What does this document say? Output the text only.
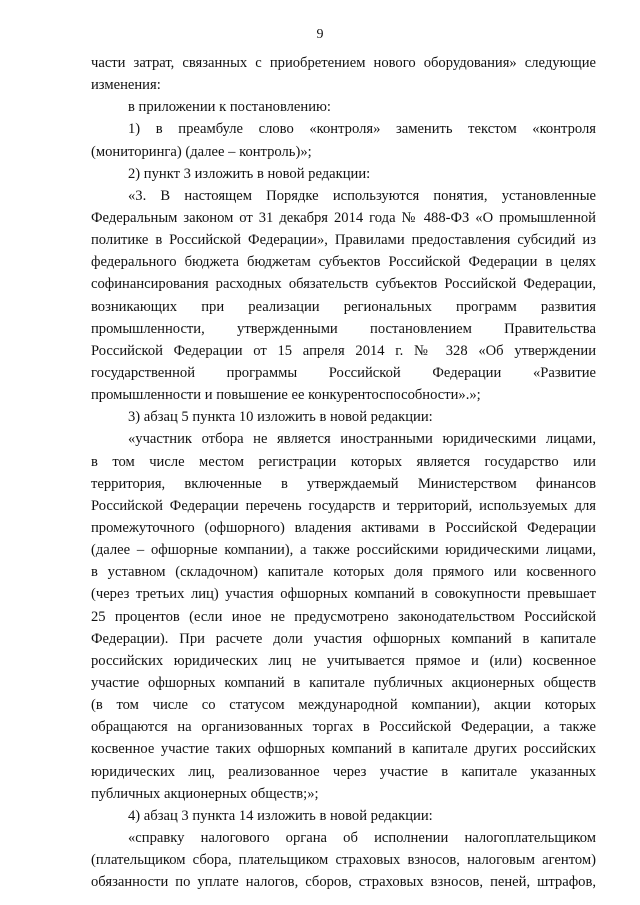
9
части затрат, связанных с приобретением нового оборудования» следующие
изменения:
в приложении к постановлению:
1) в преамбуле слово «контроля» заменить текстом «контроля
(мониторинга) (далее – контроль)»;
2) пункт 3 изложить в новой редакции:
«3. В настоящем Порядке используются понятия, установленные
Федеральным законом от 31 декабря 2014 года № 488-ФЗ «О промышленной
политике в Российской Федерации», Правилами предоставления субсидий из
федерального бюджета бюджетам субъектов Российской Федерации в целях
софинансирования расходных обязательств субъектов Российской Федерации,
возникающих при реализации региональных программ развития
промышленности, утвержденными постановлением Правительства
Российской Федерации от 15 апреля 2014 г. № 328 «Об утверждении
государственной программы Российской Федерации «Развитие
промышленности и повышение ее конкурентоспособности».»;
3) абзац 5 пункта 10 изложить в новой редакции:
«участник отбора не является иностранными юридическими лицами,
в том числе местом регистрации которых является государство или
территория, включенные в утверждаемый Министерством финансов
Российской Федерации перечень государств и территорий, используемых для
промежуточного (офшорного) владения активами в Российской Федерации
(далее – офшорные компании), а также российскими юридическими лицами,
в уставном (складочном) капитале которых доля прямого или косвенного
(через третьих лиц) участия офшорных компаний в совокупности превышает
25 процентов (если иное не предусмотрено законодательством Российской
Федерации). При расчете доли участия офшорных компаний в капитале
российских юридических лиц не учитывается прямое и (или) косвенное
участие офшорных компаний в капитале публичных акционерных обществ
(в том числе со статусом международной компании), акции которых
обращаются на организованных торгах в Российской Федерации, а также
косвенное участие таких офшорных компаний в капитале других российских
юридических лиц, реализованное через участие в капитале указанных
публичных акционерных обществ;»;
4) абзац 3 пункта 14 изложить в новой редакции:
«справку налогового органа об исполнении налогоплательщиком
(плательщиком сбора, плательщиком страховых взносов, налоговым агентом)
обязанности по уплате налогов, сборов, страховых взносов, пеней, штрафов,
